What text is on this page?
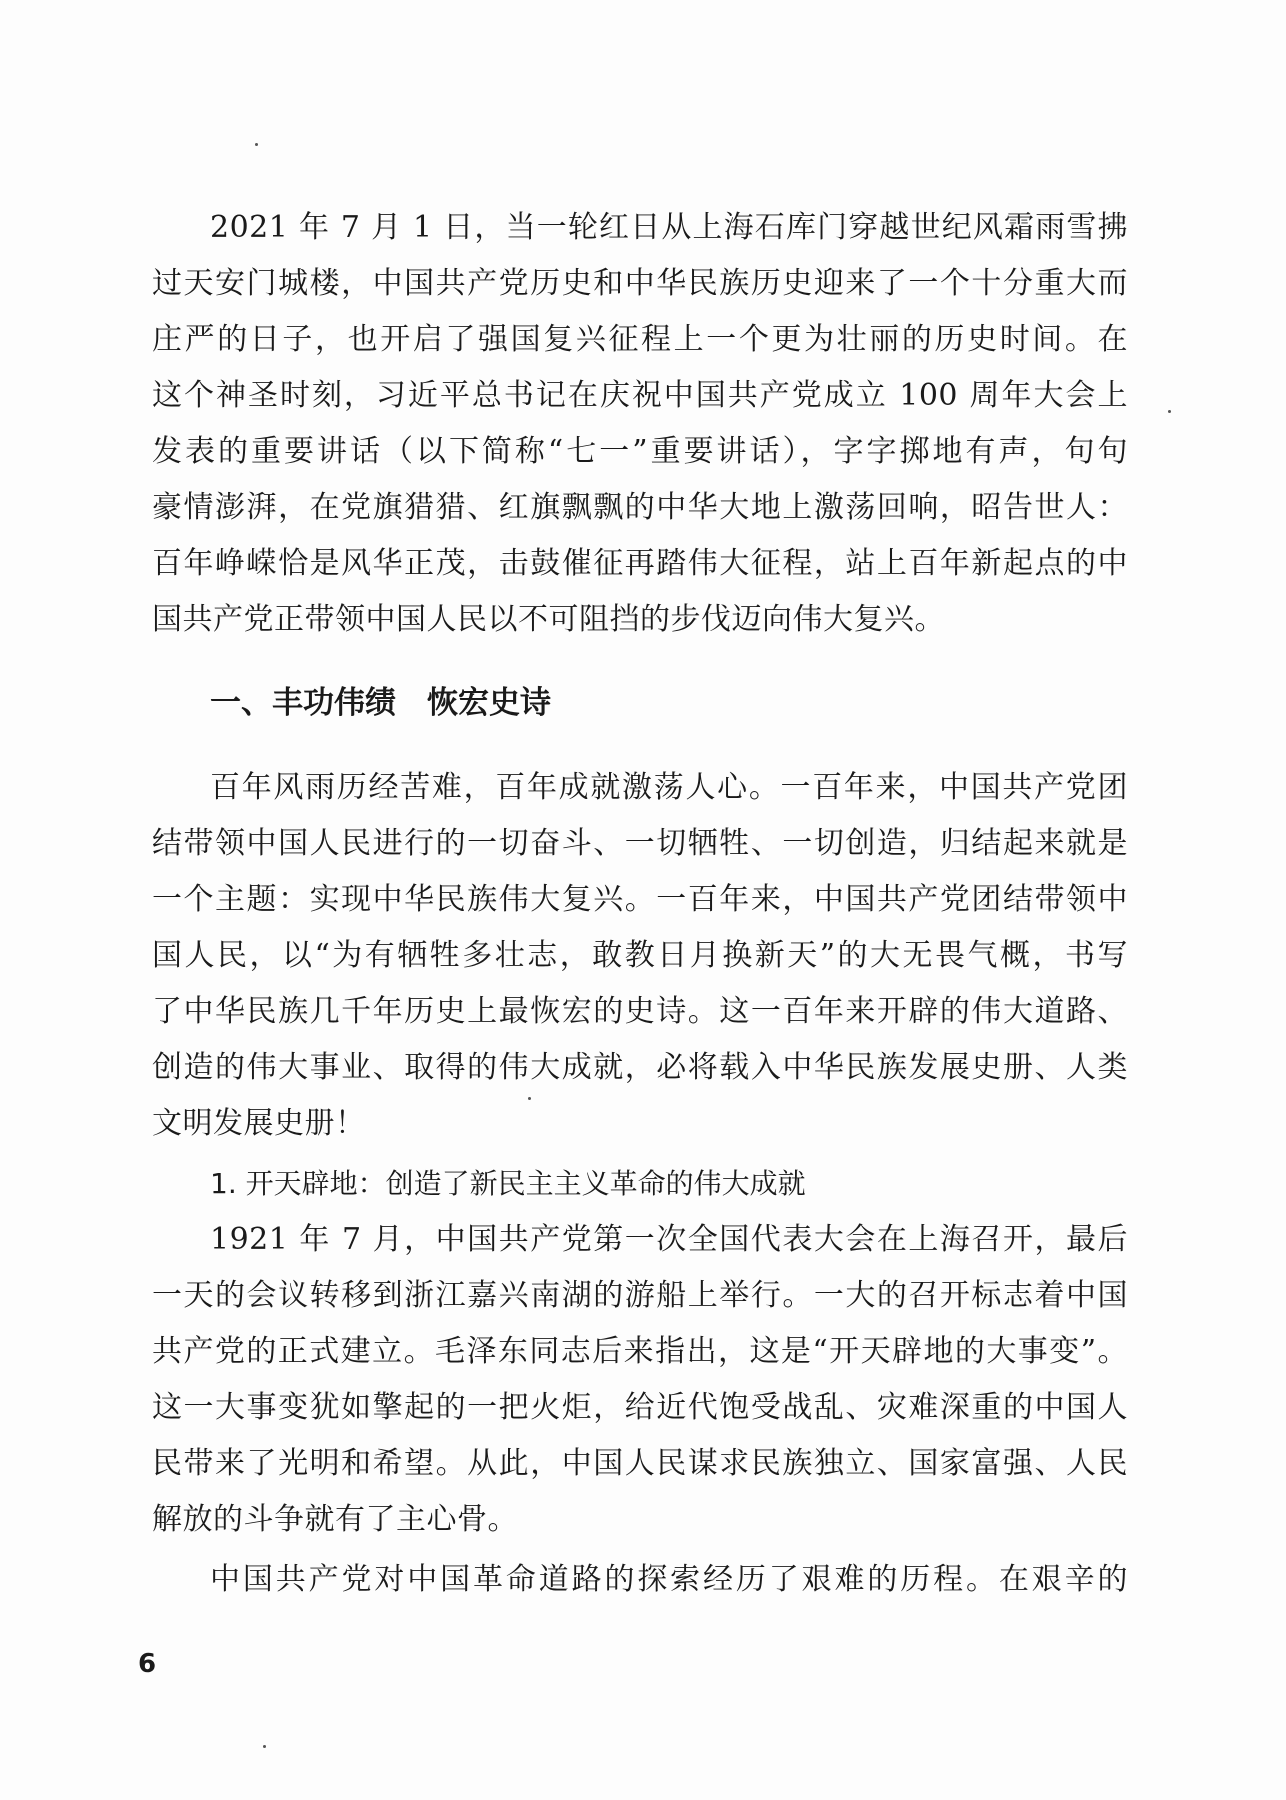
2021 年 7 月 1 日，当一轮红日从上海石库门穿越世纪风霜雨雪拂
过天安门城楼，中国共产党历史和中华民族历史迎来了一个十分重大而
庄严的日子，也开启了强国复兴征程上一个更为壮丽的历史时间。在
这个神圣时刻，习近平总书记在庆祝中国共产党成立 100 周年大会上
发表的重要讲话（以下简称“七一”重要讲话），字字掷地有声，句句
豪情澎湃，在党旗猎猎、红旗飘飘的中华大地上激荡回响，昭告世人：
百年峥嵘恰是风华正茂，击鼓催征再踏伟大征程，站上百年新起点的中
国共产党正带领中国人民以不可阻挡的步伐迈向伟大复兴。
一、丰功伟绩　恢宏史诗
百年风雨历经苦难，百年成就激荡人心。一百年来，中国共产党团
结带领中国人民进行的一切奋斗、一切牺牲、一切创造，归结起来就是
一个主题：实现中华民族伟大复兴。一百年来，中国共产党团结带领中
国人民，以“为有牺牲多壮志，敢教日月换新天”的大无畏气概，书写
了中华民族几千年历史上最恢宏的史诗。这一百年来开辟的伟大道路、
创造的伟大事业、取得的伟大成就，必将载入中华民族发展史册、人类
文明发展史册！
1. 开天辟地：创造了新民主主义革命的伟大成就
1921 年 7 月，中国共产党第一次全国代表大会在上海召开，最后
一天的会议转移到浙江嘉兴南湖的游船上举行。一大的召开标志着中国
共产党的正式建立。毛泽东同志后来指出，这是“开天辟地的大事变”。
这一大事变犹如擎起的一把火炬，给近代饱受战乱、灾难深重的中国人
民带来了光明和希望。从此，中国人民谋求民族独立、国家富强、人民
解放的斗争就有了主心骨。
中国共产党对中国革命道路的探索经历了艰难的历程。在艰辛的
6
